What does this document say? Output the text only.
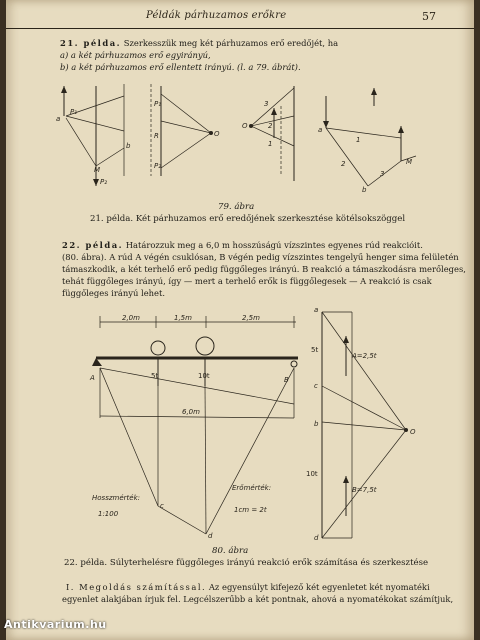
Példák párhuzamos erőkre	57
21. példa. Szerkesszük meg két párhuzamos erő eredőjét, ha
a) a két párhuzamos erő egyirányú,
b) a két párhuzamos erő ellentett irányú. (l. a 79. ábrát).
a
P₁
b
M
P₂
P₁
R
P₂
O
O
3
2
1
a
1
2
3
b
M
79. ábra
21. példa. Két párhuzamos erő eredőjének szerkesztése kötélsokszöggel
22. példa. Határozzuk meg a 6,0 m hosszúságú vízszintes egyenes rúd reakcióit.
(80. ábra). A rúd A végén csuklósan, B végén pedig vízszintes tengelyű henger sima felületén
támaszkodik, a két terhelő erő pedig függőleges irányú. B reakció a támaszkodásra merőleges,
tehát függőleges irányú, így — mert a terhelő erők is függőlegesek — A reakció is csak
függőleges irányú lehet.
2,0m	1,5m	2,5m
5t	10t
A	B
6,0m
c
d
a
c
b
d
O
5t
10t
A=2,5t
B=7,5t
Hosszmérték:
1:100
Erőmérték:
1cm = 2t
80. ábra
22. példa. Súlyterhelésre függőleges irányú reakció erők számítása és szerkesztése
I. Megoldás számítással. Az egyensúlyt kifejező két egyenletet két nyomatéki
egyenlet alakjában írjuk fel. Legcélszerűbb a két pontnak, ahová a nyomatékokat számítjuk,
Antikvarium.hu
